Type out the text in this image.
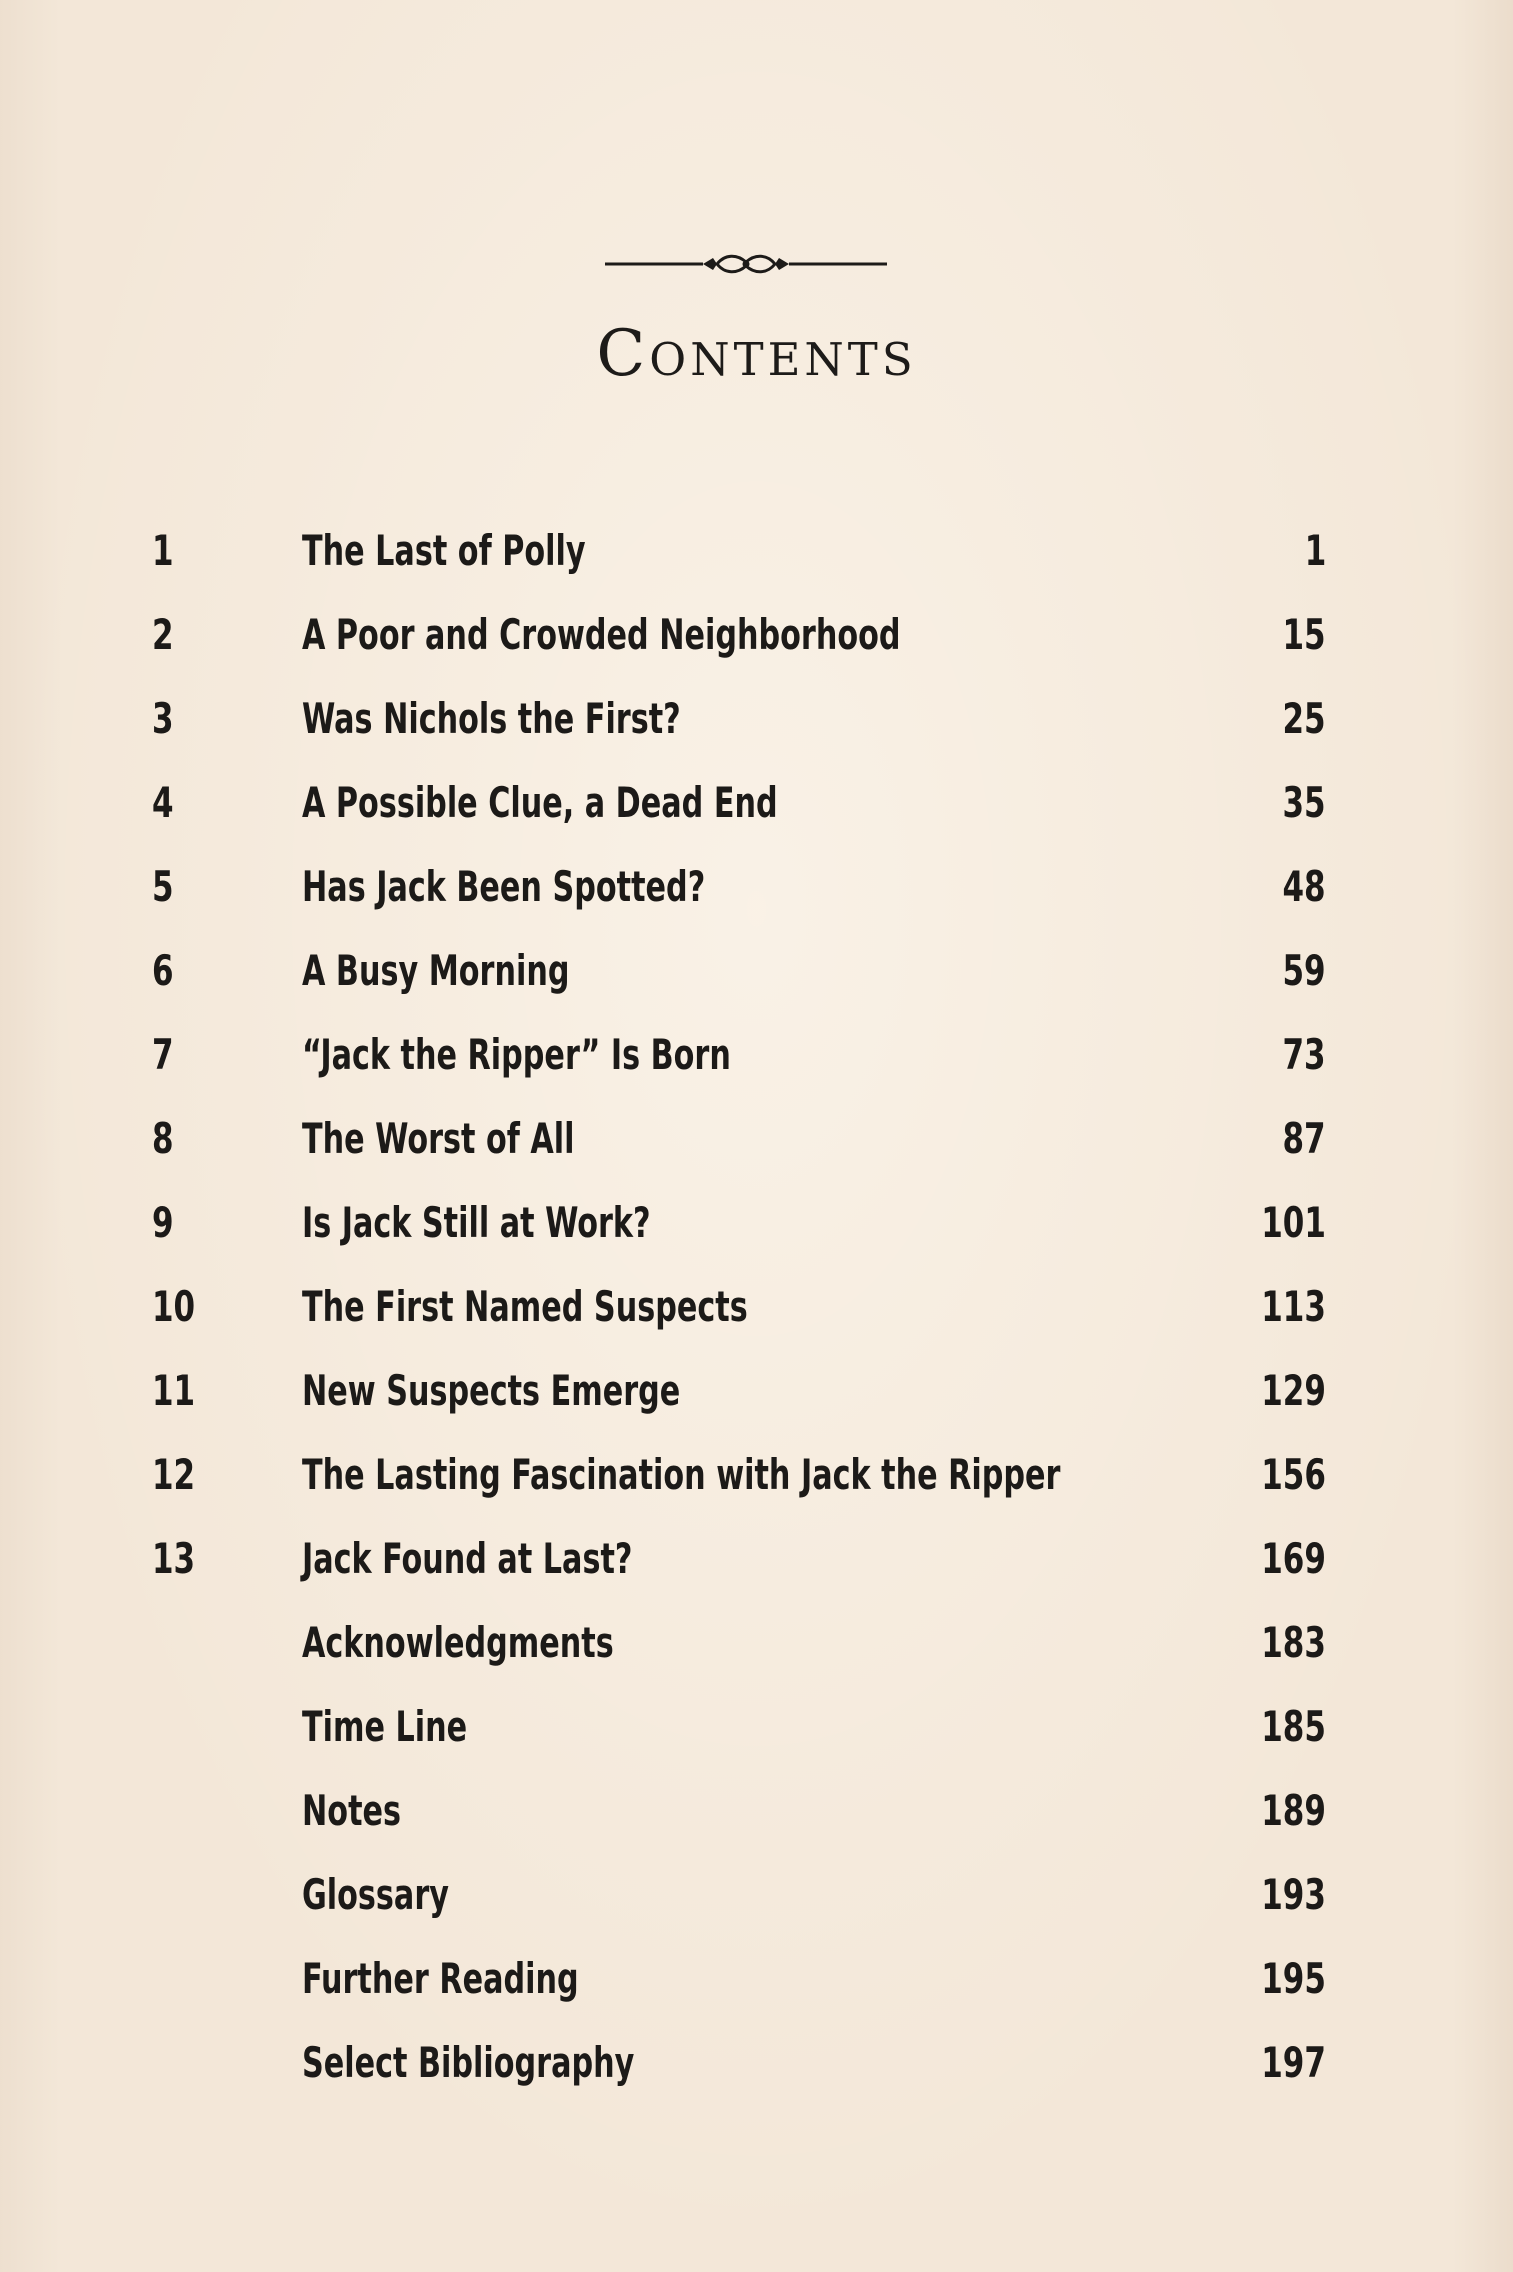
Contents
1	The Last of Polly	1
2	A Poor and Crowded Neighborhood	15
3	Was Nichols the First?	25
4	A Possible Clue, a Dead End	35
5	Has Jack Been Spotted?	48
6	A Busy Morning	59
7	“Jack the Ripper” Is Born	73
8	The Worst of All	87
9	Is Jack Still at Work?	101
10	The First Named Suspects	113
11	New Suspects Emerge	129
12	The Lasting Fascination with Jack the Ripper	156
13	Jack Found at Last?	169
Acknowledgments	183
Time Line	185
Notes	189
Glossary	193
Further Reading	195
Select Bibliography	197
